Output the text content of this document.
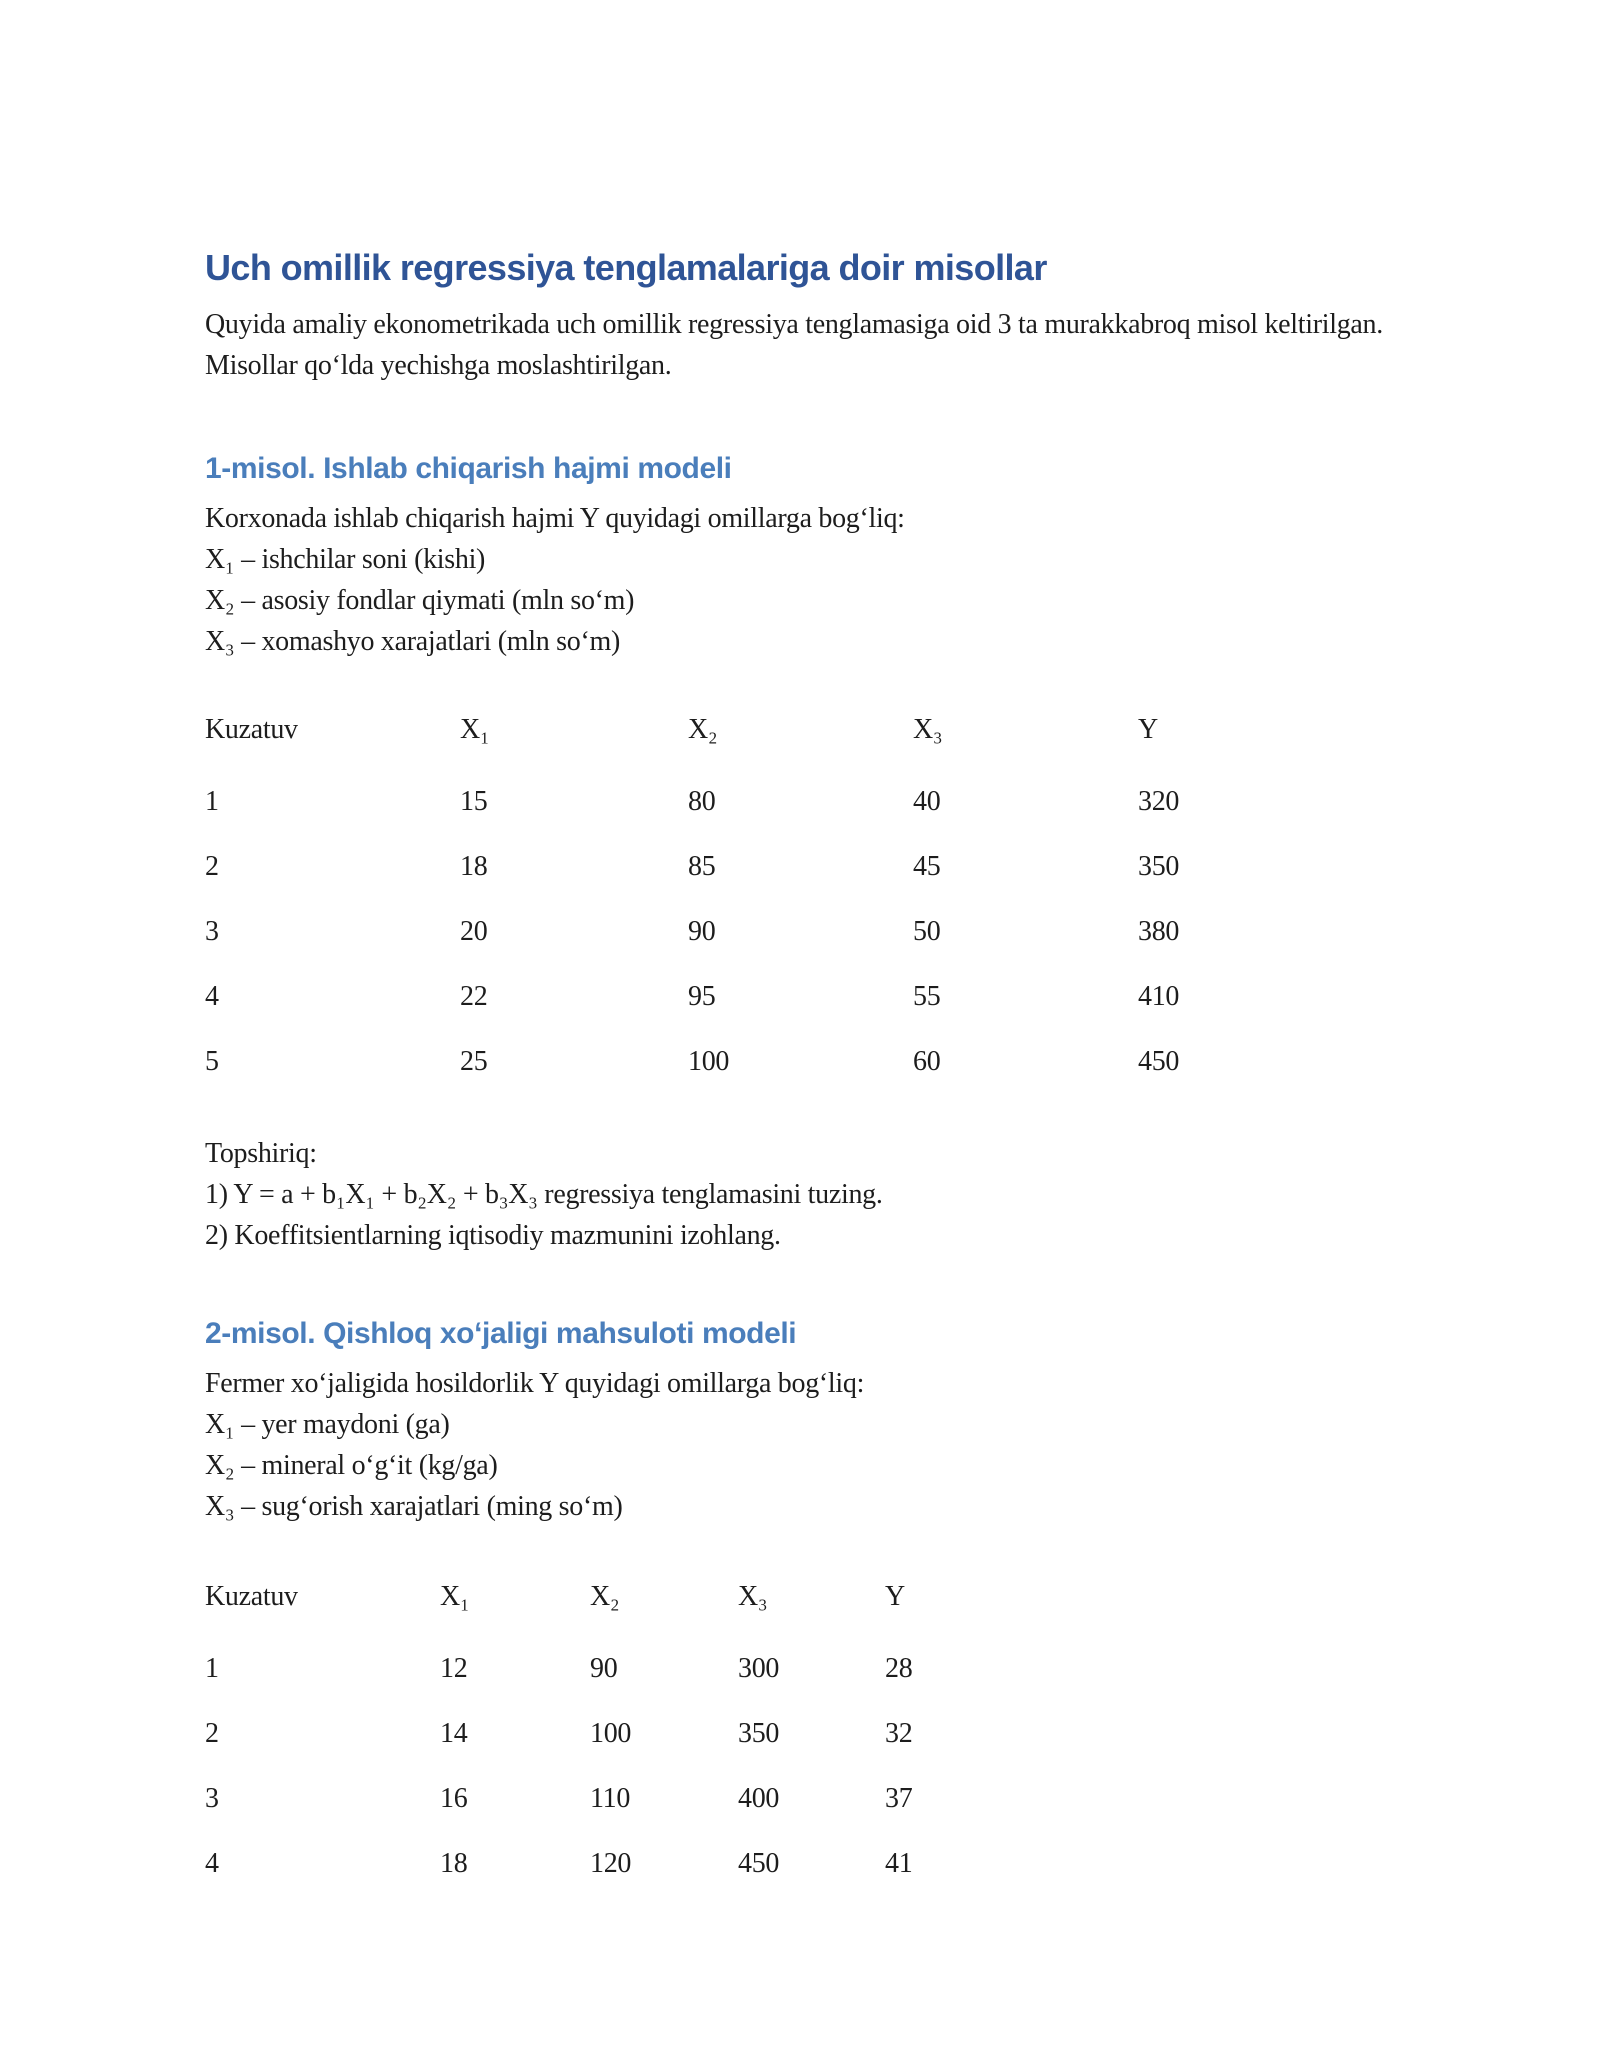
Uch omillik regressiya tenglamalariga doir misollar

Quyida amaliy ekonometrikada uch omillik regressiya tenglamasiga oid 3 ta murakkabroq misol keltirilgan. Misollar qo‘lda yechishga moslashtirilgan.

1-misol. Ishlab chiqarish hajmi modeli

Korxonada ishlab chiqarish hajmi Y quyidagi omillarga bog‘liq:

X₁ – ishchilar soni (kishi)

X₂ – asosiy fondlar qiymati (mln so‘m)

X₃ – xomashyo xarajatlari (mln so‘m)

Kuzatuv	X₁	X₂	X₃	Y
1	15	80	40	320
2	18	85	45	350
3	20	90	50	380
4	22	95	55	410
5	25	100	60	450

Topshiriq:

1) Y = a + b₁X₁ + b₂X₂ + b₃X₃ regressiya tenglamasini tuzing.

2) Koeffitsientlarning iqtisodiy mazmunini izohlang.

2-misol. Qishloq xo‘jaligi mahsuloti modeli

Fermer xo‘jaligida hosildorlik Y quyidagi omillarga bog‘liq:

X₁ – yer maydoni (ga)

X₂ – mineral o‘g‘it (kg/ga)

X₃ – sug‘orish xarajatlari (ming so‘m)

Kuzatuv	X₁	X₂	X₃	Y
1	12	90	300	28
2	14	100	350	32
3	16	110	400	37
4	18	120	450	41
